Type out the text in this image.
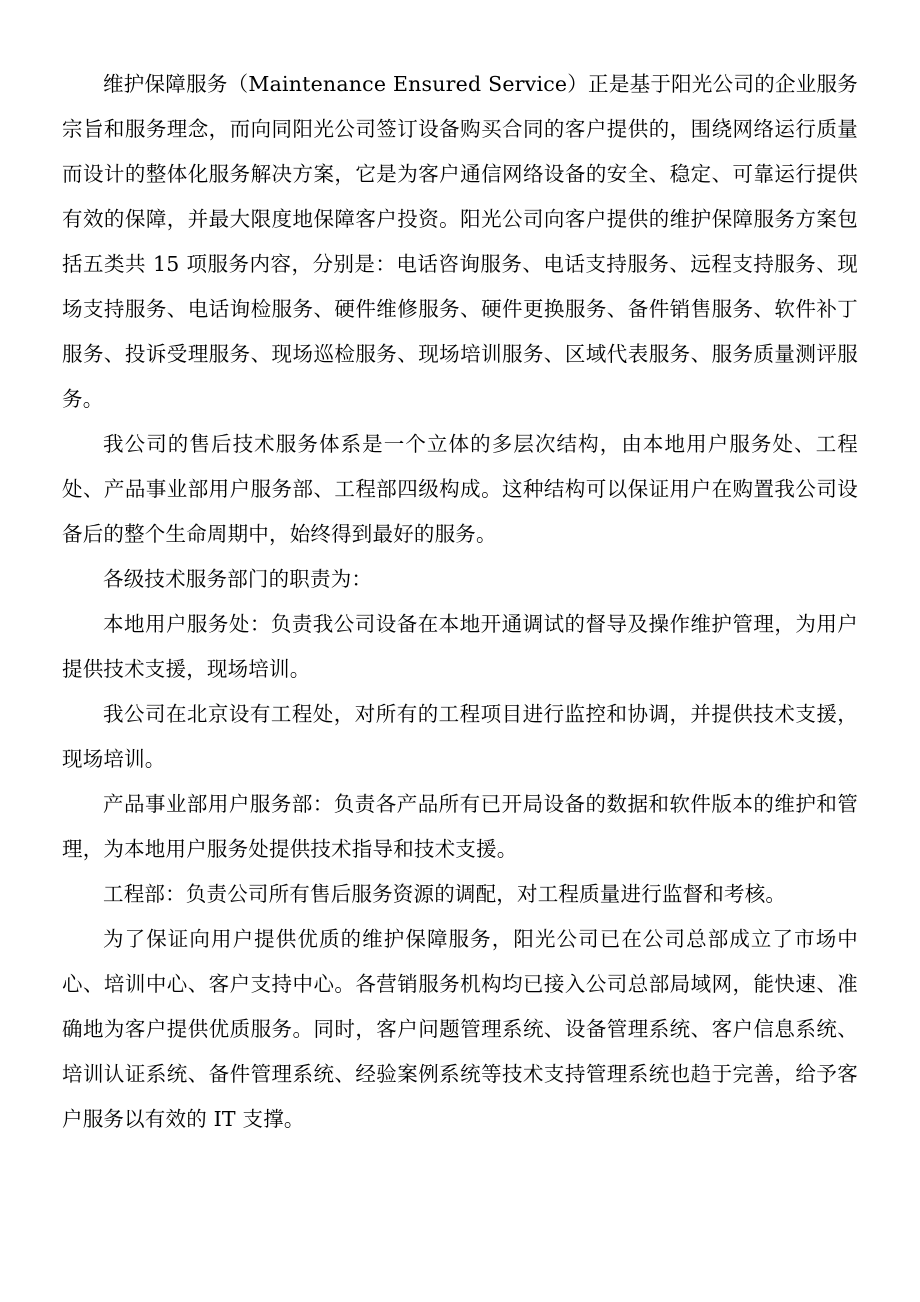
维护保障服务（Maintenance Ensured Service）正是基于阳光公司的企业服务宗旨和服务理念，而向同阳光公司签订设备购买合同的客户提供的，围绕网络运行质量而设计的整体化服务解决方案，它是为客户通信网络设备的安全、稳定、可靠运行提供有效的保障，并最大限度地保障客户投资。阳光公司向客户提供的维护保障服务方案包括五类共 15 项服务内容，分别是：电话咨询服务、电话支持服务、远程支持服务、现场支持服务、电话询检服务、硬件维修服务、硬件更换服务、备件销售服务、软件补丁服务、投诉受理服务、现场巡检服务、现场培训服务、区域代表服务、服务质量测评服务。

我公司的售后技术服务体系是一个立体的多层次结构，由本地用户服务处、工程处、产品事业部用户服务部、工程部四级构成。这种结构可以保证用户在购置我公司设备后的整个生命周期中，始终得到最好的服务。

各级技术服务部门的职责为：

本地用户服务处：负责我公司设备在本地开通调试的督导及操作维护管理，为用户提供技术支援，现场培训。

我公司在北京设有工程处，对所有的工程项目进行监控和协调，并提供技术支援，现场培训。

产品事业部用户服务部：负责各产品所有已开局设备的数据和软件版本的维护和管理，为本地用户服务处提供技术指导和技术支援。

工程部：负责公司所有售后服务资源的调配，对工程质量进行监督和考核。

为了保证向用户提供优质的维护保障服务，阳光公司已在公司总部成立了市场中心、培训中心、客户支持中心。各营销服务机构均已接入公司总部局域网，能快速、准确地为客户提供优质服务。同时，客户问题管理系统、设备管理系统、客户信息系统、培训认证系统、备件管理系统、经验案例系统等技术支持管理系统也趋于完善，给予客户服务以有效的 IT 支撑。
